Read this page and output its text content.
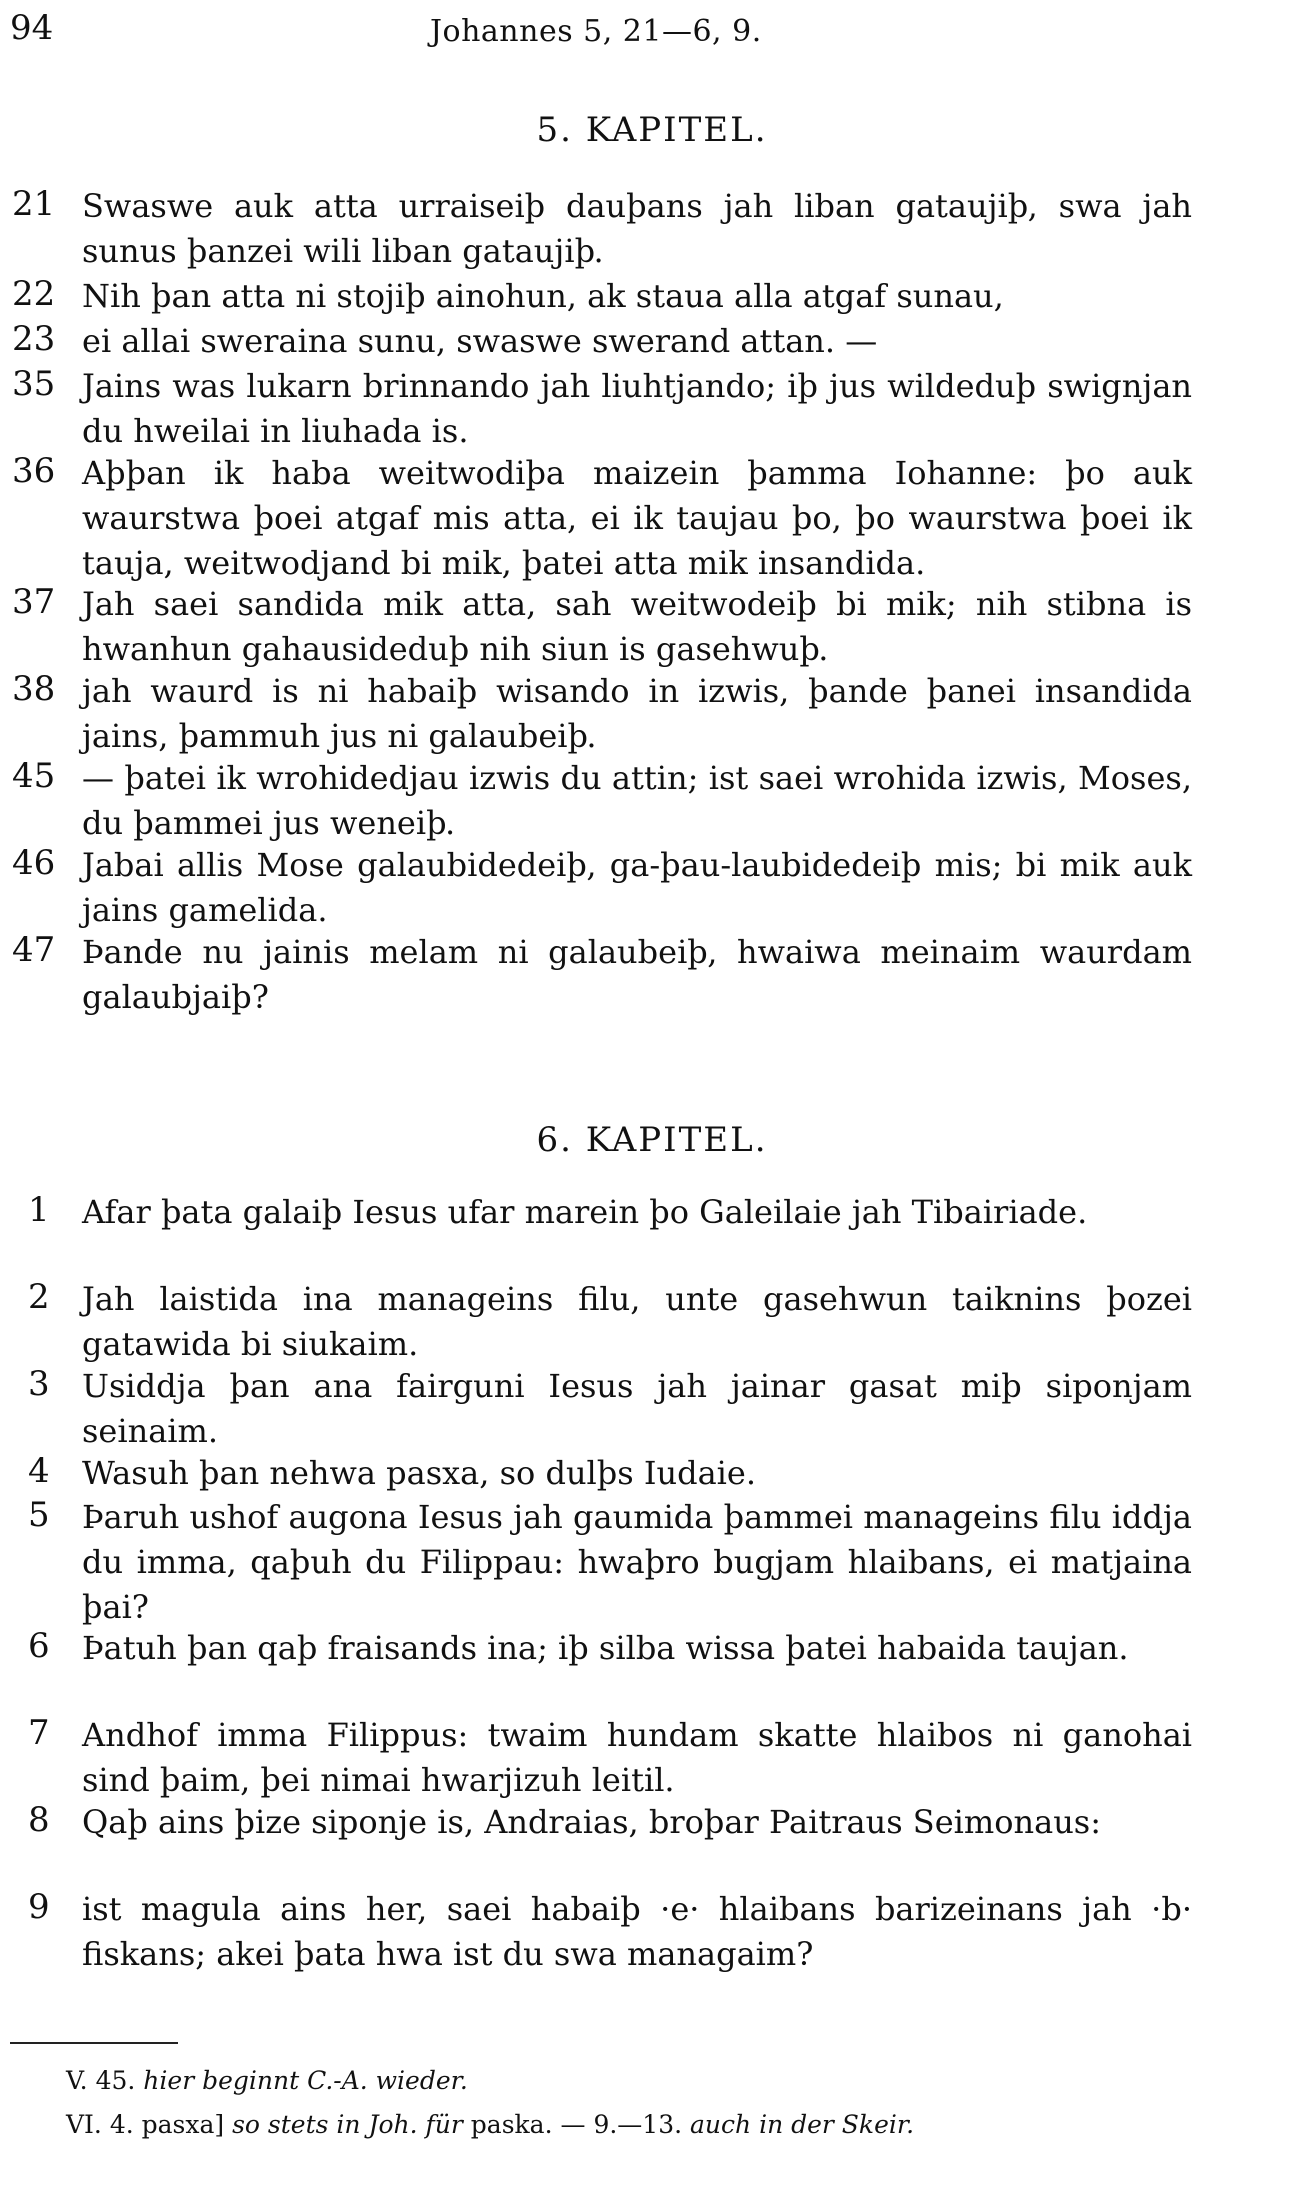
94	Johannes 5, 21—6, 9.
5. KAPITEL.
21 Swaswe auk atta urraiseiþ dauþans jah liban gataujiþ, swa jah sunus þanzei wili liban gataujiþ.
22 Nih þan atta ni stojiþ ainohun, ak staua alla atgaf sunau,
23 ei allai sweraina sunu, swaswe swerand attan. —
35 Jains was lukarn brinnando jah liuhtjando; iþ jus wildeduþ swignjan du hweilai in liuhada is.
36 Aþþan ik haba weitwodiþa maizein þamma Iohanne: þo auk waurstwa þoei atgaf mis atta, ei ik taujau þo, þo waurstwa þoei ik tauja, weitwodjand bi mik, þatei atta mik insandida.
37 Jah saei sandida mik atta, sah weitwodeiþ bi mik; nih stibna is hwanhun gahausideduþ nih siun is gasehwuþ.
38 jah waurd is ni habaiþ wisando in izwis, þande þanei insandida jains, þammuh jus ni galaubeiþ.
45 — þatei ik wrohidedjau izwis du attin; ist saei wrohida izwis, Moses, du þammei jus weneiþ.
46 Jabai allis Mose galaubidedeiþ, ga-þau-laubidedeiþ mis; bi mik auk jains gamelida.
47 Þande nu jainis melam ni galaubeiþ, hwaiwa meinaim waurdam galaubjaiþ?
6. KAPITEL.
1	Afar þata galaiþ Iesus ufar marein þo Galeilaie jah Tibairiade.
2	Jah laistida ina manageins filu, unte gasehwun taiknins þozei gatawida bi siukaim.
3	Usiddja þan ana fairguni Iesus jah jainar gasat miþ siponjam seinaim.
4	Wasuh þan nehwa pasxa, so dulþs Iudaie.
5	Þaruh ushof augona Iesus jah gaumida þammei manageins filu iddja du imma, qaþuh du Filippau: hwaþro bugjam hlaibans, ei matjaina þai?
6	Þatuh þan qaþ fraisands ina; iþ silba wissa þatei habaida taujan.
7	Andhof imma Filippus: twaim hundam skatte hlaibos ni ganohai sind þaim, þei nimai hwarjizuh leitil.
8	Qaþ ains þize siponje is, Andraias, broþar Paitraus Seimonaus:
9	ist magula ains her, saei habaiþ ·e· hlaibans barizeinans jah ·b· fiskans; akei þata hwa ist du swa managaim?
V. 45. hier beginnt C.-A. wieder.
VI. 4. pasxa] so stets in Joh. für paska. — 9.—13. auch in der Skeir.
